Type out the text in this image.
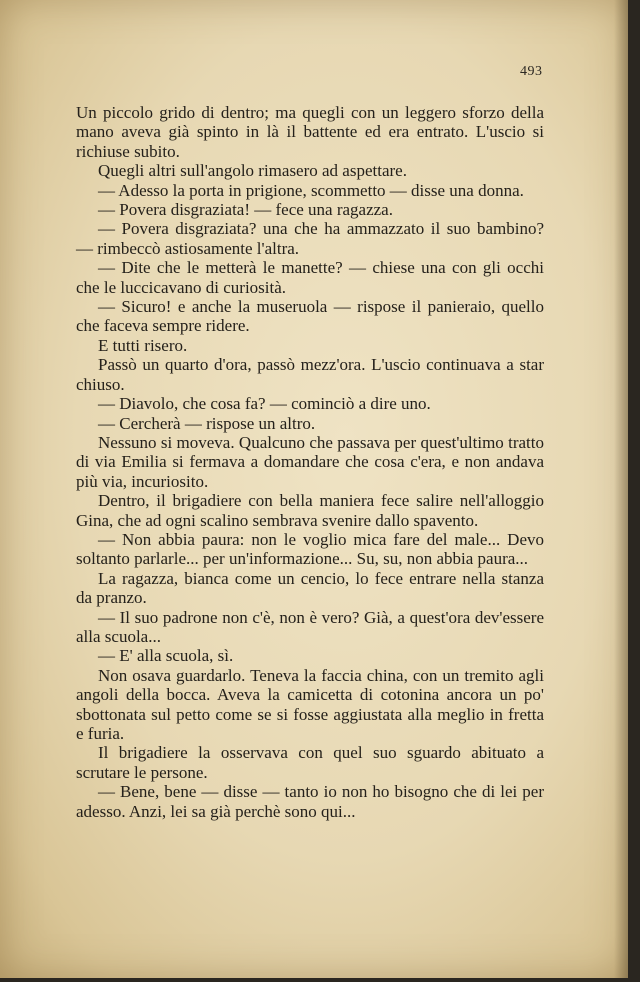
493

Un piccolo grido di dentro; ma quegli con un leggero sforzo della mano aveva già spinto in là il battente ed era entrato. L'uscio si richiuse subito.

Quegli altri sull'angolo rimasero ad aspettare.

— Adesso la porta in prigione, scommetto — disse una donna.

— Povera disgraziata! — fece una ragazza.

— Povera disgraziata? una che ha ammazzato il suo bambino? — rimbeccò astiosamente l'altra.

— Dite che le metterà le manette? — chiese una con gli occhi che le luccicavano di curiosità.

— Sicuro! e anche la museruola — rispose il panieraio, quello che faceva sempre ridere.

E tutti risero.

Passò un quarto d'ora, passò mezz'ora. L'uscio continuava a star chiuso.

— Diavolo, che cosa fa? — cominciò a dire uno.

— Cercherà — rispose un altro.

Nessuno si moveva. Qualcuno che passava per quest'ultimo tratto di via Emilia si fermava a domandare che cosa c'era, e non andava più via, incuriosito.

Dentro, il brigadiere con bella maniera fece salire nell'alloggio Gina, che ad ogni scalino sembrava svenire dallo spavento.

— Non abbia paura: non le voglio mica fare del male... Devo soltanto parlarle... per un'informazione... Su, su, non abbia paura...

La ragazza, bianca come un cencio, lo fece entrare nella stanza da pranzo.

— Il suo padrone non c'è, non è vero? Già, a quest'ora dev'essere alla scuola...

— E' alla scuola, sì.

Non osava guardarlo. Teneva la faccia china, con un tremito agli angoli della bocca. Aveva la camicetta di cotonina ancora un po' sbottonata sul petto come se si fosse aggiustata alla meglio in fretta e furia.

Il brigadiere la osservava con quel suo sguardo abituato a scrutare le persone.

— Bene, bene — disse — tanto io non ho bisogno che di lei per adesso. Anzi, lei sa già perchè sono qui...
